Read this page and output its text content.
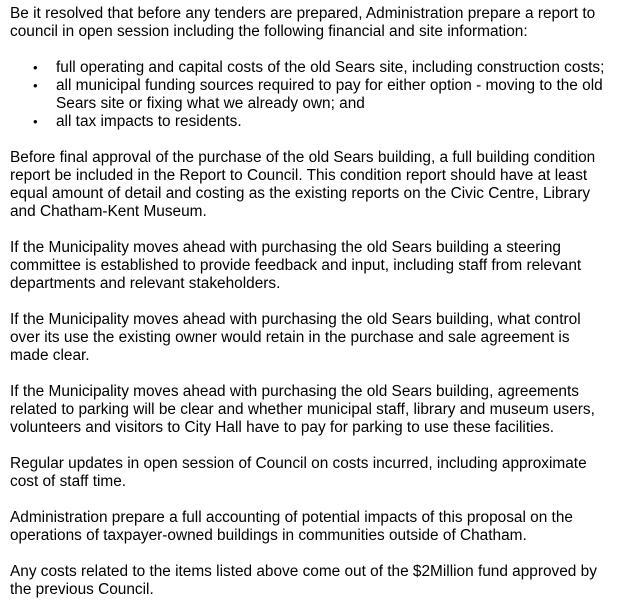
Be it resolved that before any tenders are prepared, Administration prepare a report to
council in open session including the following financial and site information:

• full operating and capital costs of the old Sears site, including construction costs;
• all municipal funding sources required to pay for either option - moving to the old
Sears site or fixing what we already own; and
• all tax impacts to residents.

Before final approval of the purchase of the old Sears building, a full building condition
report be included in the Report to Council. This condition report should have at least
equal amount of detail and costing as the existing reports on the Civic Centre, Library
and Chatham-Kent Museum.

If the Municipality moves ahead with purchasing the old Sears building a steering
committee is established to provide feedback and input, including staff from relevant
departments and relevant stakeholders.

If the Municipality moves ahead with purchasing the old Sears building, what control
over its use the existing owner would retain in the purchase and sale agreement is
made clear.

If the Municipality moves ahead with purchasing the old Sears building, agreements
related to parking will be clear and whether municipal staff, library and museum users,
volunteers and visitors to City Hall have to pay for parking to use these facilities.

Regular updates in open session of Council on costs incurred, including approximate
cost of staff time.

Administration prepare a full accounting of potential impacts of this proposal on the
operations of taxpayer-owned buildings in communities outside of Chatham.

Any costs related to the items listed above come out of the $2Million fund approved by
the previous Council.
